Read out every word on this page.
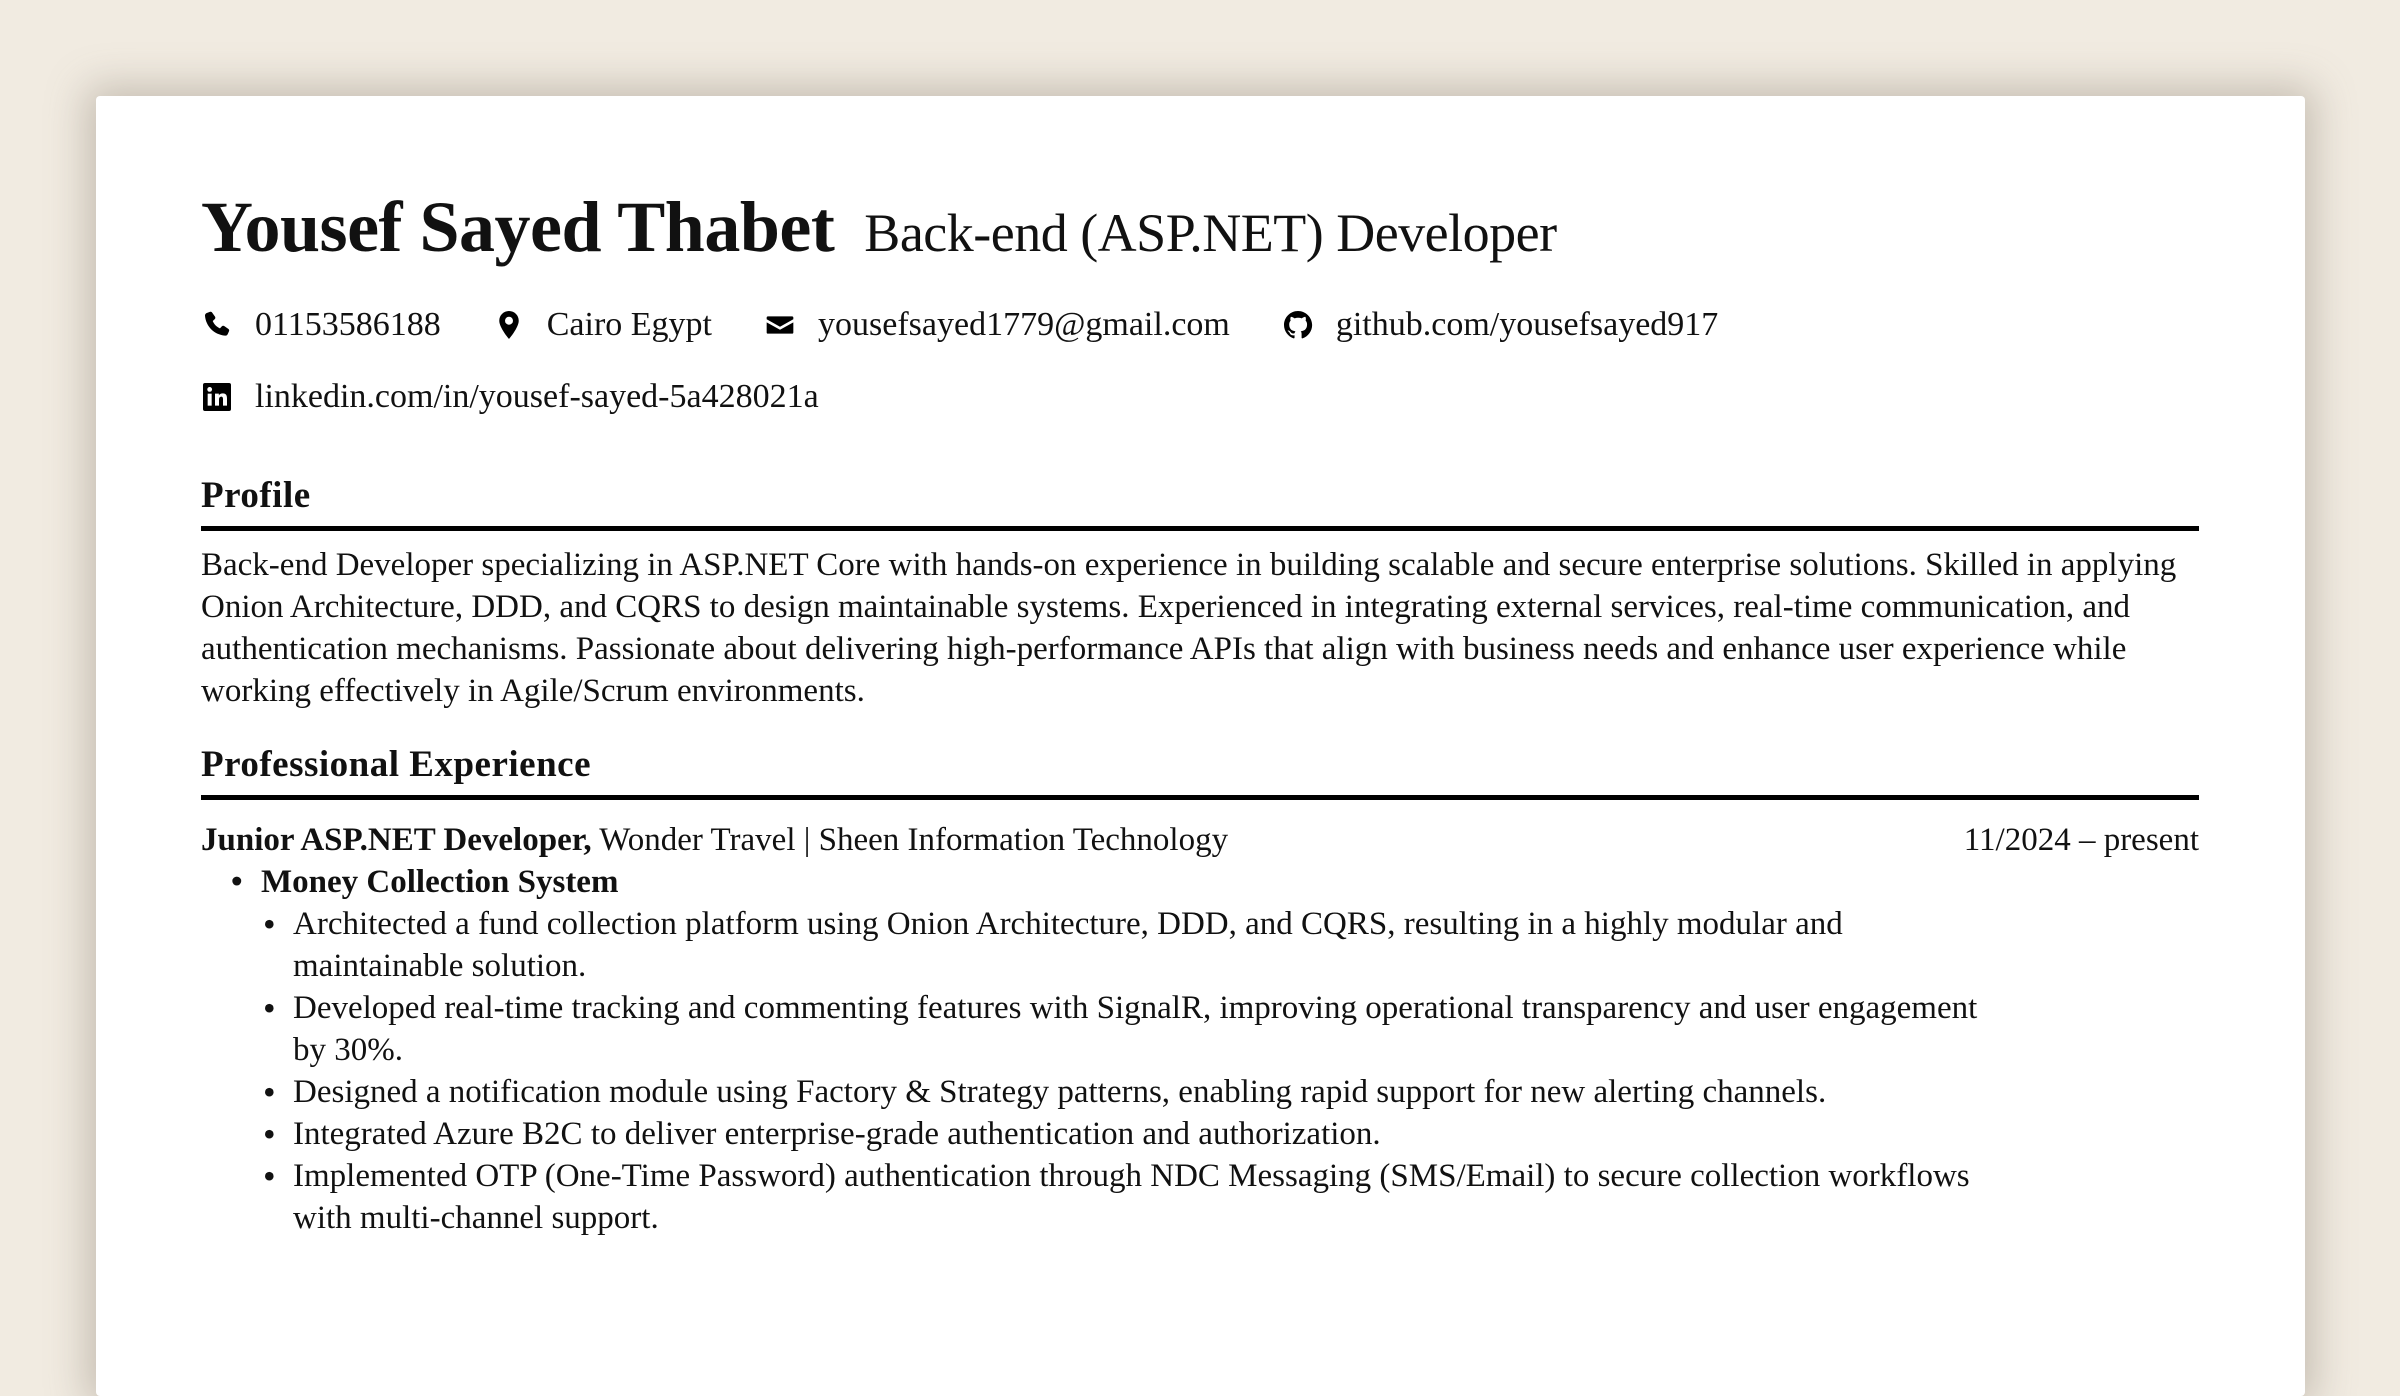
Yousef Sayed Thabet Back-end (ASP.NET) Developer
01153586188	Cairo Egypt	yousefsayed1779@gmail.com	github.com/yousefsayed917
linkedin.com/in/yousef-sayed-5a428021a
Profile
Back-end Developer specializing in ASP.NET Core with hands-on experience in building scalable and secure enterprise solutions. Skilled in applying Onion Architecture, DDD, and CQRS to design maintainable systems. Experienced in integrating external services, real-time communication, and authentication mechanisms. Passionate about delivering high-performance APIs that align with business needs and enhance user experience while working effectively in Agile/Scrum environments.
Professional Experience
Junior ASP.NET Developer, Wonder Travel | Sheen Information Technology	11/2024 – present
• Money Collection System
• Architected a fund collection platform using Onion Architecture, DDD, and CQRS, resulting in a highly modular and maintainable solution.
• Developed real-time tracking and commenting features with SignalR, improving operational transparency and user engagement by 30%.
• Designed a notification module using Factory & Strategy patterns, enabling rapid support for new alerting channels.
• Integrated Azure B2C to deliver enterprise-grade authentication and authorization.
• Implemented OTP (One-Time Password) authentication through NDC Messaging (SMS/Email) to secure collection workflows with multi-channel support.
